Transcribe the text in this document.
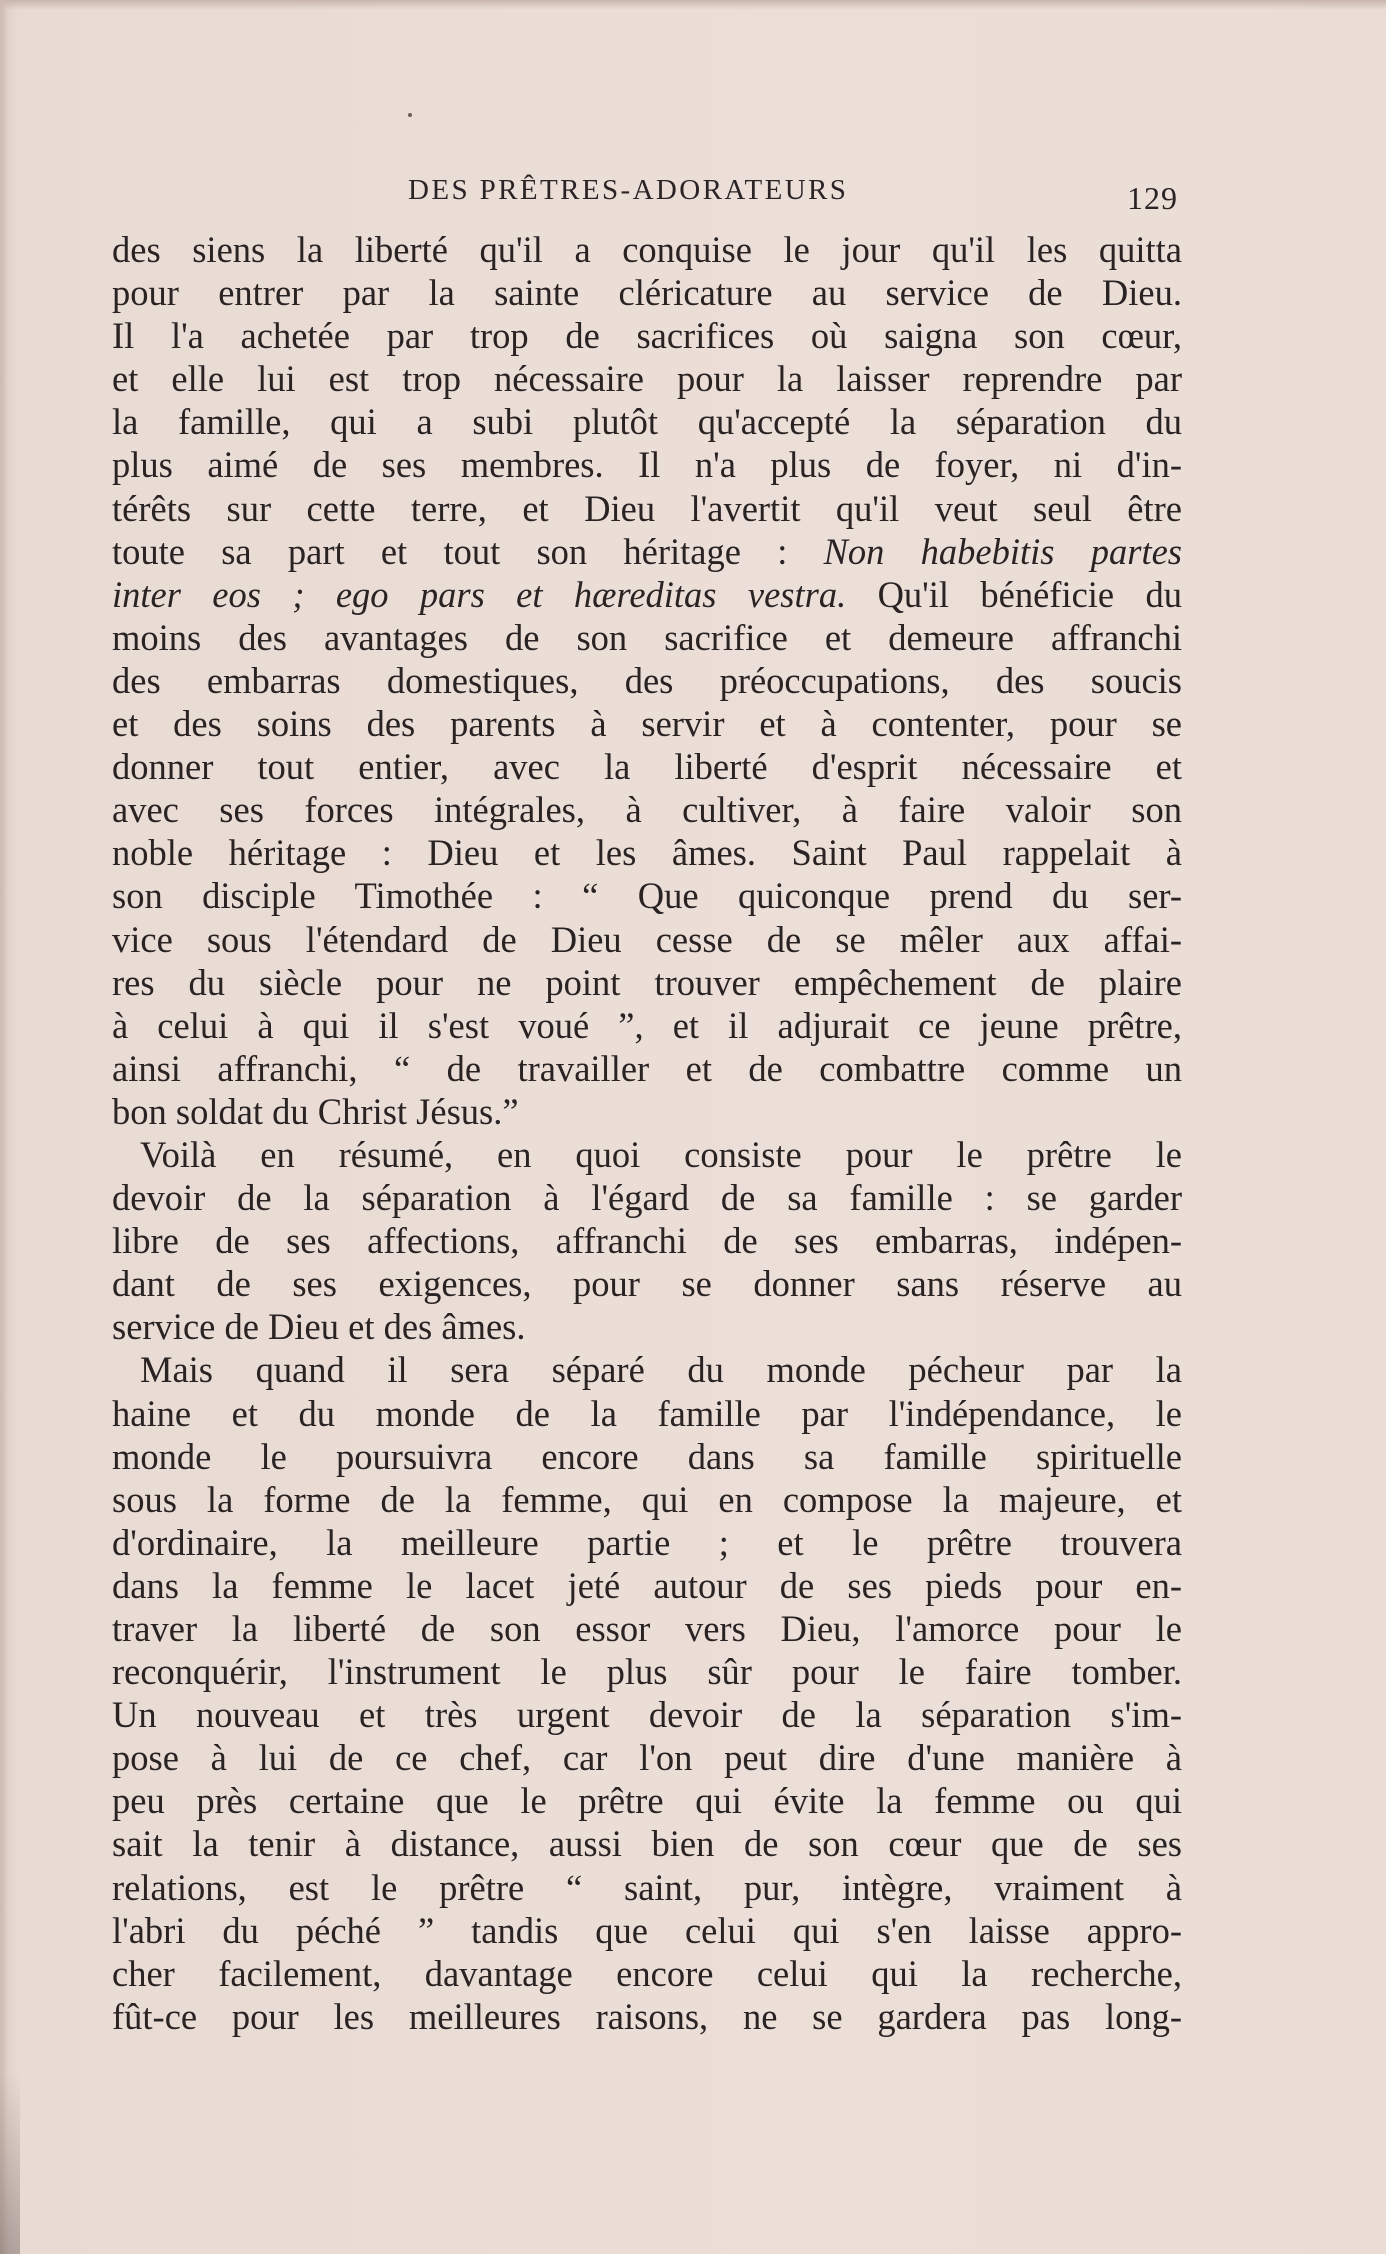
DES PRÊTRES-ADORATEURS	129
des siens la liberté qu'il a conquise le jour qu'il les quitta
pour entrer par la sainte cléricature au service de Dieu.
Il l'a achetée par trop de sacrifices où saigna son cœur,
et elle lui est trop nécessaire pour la laisser reprendre par
la famille, qui a subi plutôt qu'accepté la séparation du
plus aimé de ses membres. Il n'a plus de foyer, ni d'in-
térêts sur cette terre, et Dieu l'avertit qu'il veut seul être
toute sa part et tout son héritage : Non habebitis partes
inter eos ; ego pars et hæreditas vestra. Qu'il bénéficie du
moins des avantages de son sacrifice et demeure affranchi
des embarras domestiques, des préoccupations, des soucis
et des soins des parents à servir et à contenter, pour se
donner tout entier, avec la liberté d'esprit nécessaire et
avec ses forces intégrales, à cultiver, à faire valoir son
noble héritage : Dieu et les âmes. Saint Paul rappelait à
son disciple Timothée : “ Que quiconque prend du ser-
vice sous l'étendard de Dieu cesse de se mêler aux affai-
res du siècle pour ne point trouver empêchement de plaire
à celui à qui il s'est voué ”, et il adjurait ce jeune prêtre,
ainsi affranchi, “ de travailler et de combattre comme un
bon soldat du Christ Jésus.”
Voilà en résumé, en quoi consiste pour le prêtre le
devoir de la séparation à l'égard de sa famille : se garder
libre de ses affections, affranchi de ses embarras, indépen-
dant de ses exigences, pour se donner sans réserve au
service de Dieu et des âmes.
Mais quand il sera séparé du monde pécheur par la
haine et du monde de la famille par l'indépendance, le
monde le poursuivra encore dans sa famille spirituelle
sous la forme de la femme, qui en compose la majeure, et
d'ordinaire, la meilleure partie ; et le prêtre trouvera
dans la femme le lacet jeté autour de ses pieds pour en-
traver la liberté de son essor vers Dieu, l'amorce pour le
reconquérir, l'instrument le plus sûr pour le faire tomber.
Un nouveau et très urgent devoir de la séparation s'im-
pose à lui de ce chef, car l'on peut dire d'une manière à
peu près certaine que le prêtre qui évite la femme ou qui
sait la tenir à distance, aussi bien de son cœur que de ses
relations, est le prêtre “ saint, pur, intègre, vraiment à
l'abri du péché ” tandis que celui qui s'en laisse appro-
cher facilement, davantage encore celui qui la recherche,
fût-ce pour les meilleures raisons, ne se gardera pas long-
